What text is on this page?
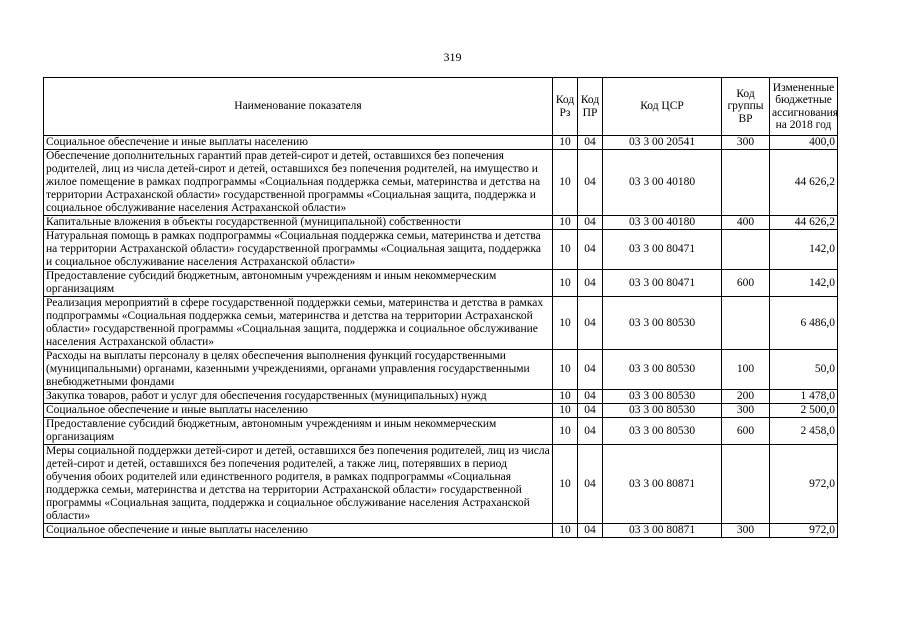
319
Наименование показателя	Код Рз	Код ПР	Код ЦСР	Код группы ВР	Измененные бюджетные ассигнования на 2018 год
Социальное обеспечение и иные выплаты населению	10	04	03 3 00 20541	300	400,0
Обеспечение дополнительных гарантий прав детей-сирот и детей, оставшихся без попечения родителей, лиц из числа детей-сирот и детей, оставшихся без попечения родителей, на имущество и жилое помещение в рамках подпрограммы «Социальная поддержка семьи, материнства и детства на территории Астраханской области» государственной программы «Социальная защита, поддержка и социальное обслуживание населения Астраханской области»	10	04	03 3 00 40180		44 626,2
Капитальные вложения в объекты государственной (муниципальной) собственности	10	04	03 3 00 40180	400	44 626,2
Натуральная помощь в рамках подпрограммы «Социальная поддержка семьи, материнства и детства на территории Астраханской области» государственной программы «Социальная защита, поддержка и социальное обслуживание населения Астраханской области»	10	04	03 3 00 80471		142,0
Предоставление субсидий бюджетным, автономным учреждениям и иным некоммерческим организациям	10	04	03 3 00 80471	600	142,0
Реализация мероприятий в сфере государственной поддержки семьи, материнства и детства в рамках подпрограммы «Социальная поддержка семьи, материнства и детства на территории Астраханской области» государственной программы «Социальная защита, поддержка и социальное обслуживание населения Астраханской области»	10	04	03 3 00 80530		6 486,0
Расходы на выплаты персоналу в целях обеспечения выполнения функций государственными (муниципальными) органами, казенными учреждениями, органами управления государственными внебюджетными фондами	10	04	03 3 00 80530	100	50,0
Закупка товаров, работ и услуг для обеспечения государственных (муниципальных) нужд	10	04	03 3 00 80530	200	1 478,0
Социальное обеспечение и иные выплаты населению	10	04	03 3 00 80530	300	2 500,0
Предоставление субсидий бюджетным, автономным учреждениям и иным некоммерческим организациям	10	04	03 3 00 80530	600	2 458,0
Меры социальной поддержки детей-сирот и детей, оставшихся без попечения родителей, лиц из числа детей-сирот и детей, оставшихся без попечения родителей, а также лиц, потерявших в период обучения обоих родителей или единственного родителя, в рамках подпрограммы «Социальная поддержка семьи, материнства и детства на территории Астраханской области» государственной программы «Социальная защита, поддержка и социальное обслуживание населения Астраханской области»	10	04	03 3 00 80871		972,0
Социальное обеспечение и иные выплаты населению	10	04	03 3 00 80871	300	972,0
